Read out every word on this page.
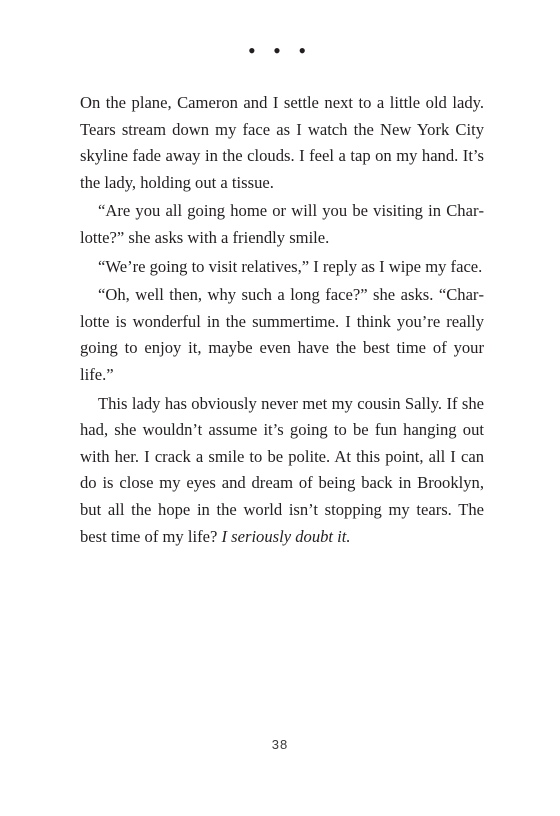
• • •

On the plane, Cameron and I settle next to a little old lady. Tears stream down my face as I watch the New York City skyline fade away in the clouds. I feel a tap on my hand. It’s the lady, holding out a tissue.

“Are you all going home or will you be visiting in Charlotte?” she asks with a friendly smile.

“We’re going to visit relatives,” I reply as I wipe my face.

“Oh, well then, why such a long face?” she asks. “Charlotte is wonderful in the summertime. I think you’re really going to enjoy it, maybe even have the best time of your life.”

This lady has obviously never met my cousin Sally. If she had, she wouldn’t assume it’s going to be fun hanging out with her. I crack a smile to be polite. At this point, all I can do is close my eyes and dream of being back in Brooklyn, but all the hope in the world isn’t stopping my tears. The best time of my life? I seriously doubt it.

38
